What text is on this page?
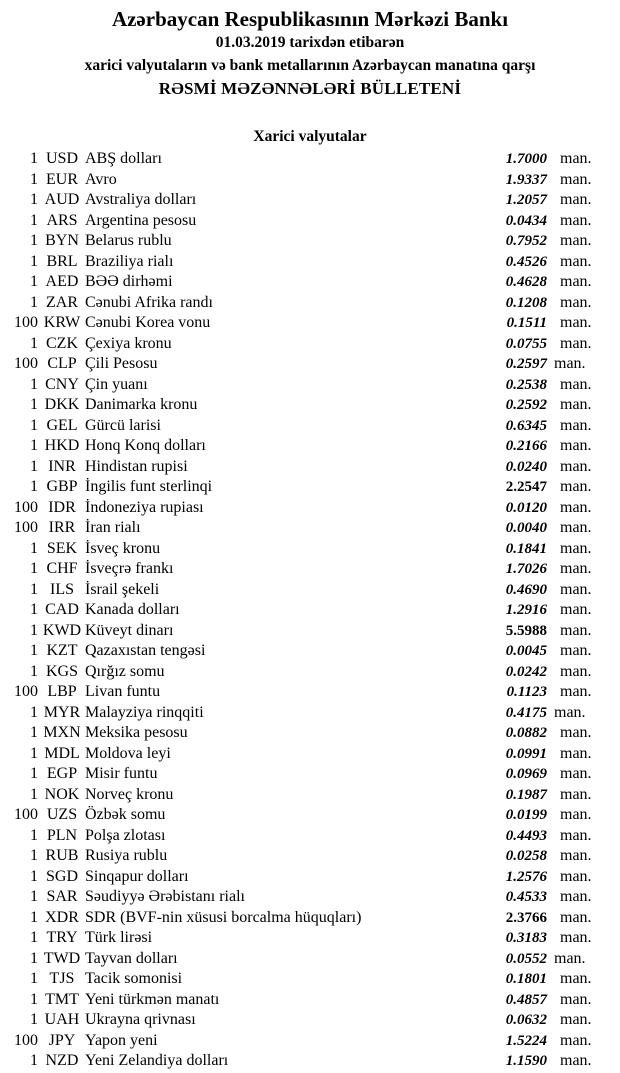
Azərbaycan Respublikasının Mərkəzi Bankı
01.03.2019 tarixdən etibarən
xarici valyutaların və bank metallarının Azərbaycan manatına qarşı
RƏSMİ MƏZƏNNƏLƏRİ BÜLLETENİ
Xarici valyutalar
1 USD ABŞ dolları	1.7000 man.
1 EUR Avro	1.9337 man.
1 AUD Avstraliya dolları	1.2057 man.
1 ARS Argentina pesosu	0.0434 man.
1 BYN Belarus rublu	0.7952 man.
1 BRL Braziliya rialı	0.4526 man.
1 AED BƏƏ dirhəmi	0.4628 man.
1 ZAR Cənubi Afrika randı	0.1208 man.
100 KRW Cənubi Korea vonu	0.1511 man.
1 CZK Çexiya kronu	0.0755 man.
100 CLP Çili Pesosu	0.2597 man.
1 CNY Çin yuanı	0.2538 man.
1 DKK Danimarka kronu	0.2592 man.
1 GEL Gürcü larisi	0.6345 man.
1 HKD Honq Konq dolları	0.2166 man.
1 INR Hindistan rupisi	0.0240 man.
1 GBP İngilis funt sterlinqi	2.2547 man.
100 IDR İndoneziya rupiası	0.0120 man.
100 IRR İran rialı	0.0040 man.
1 SEK İsveç kronu	0.1841 man.
1 CHF İsveçrə frankı	1.7026 man.
1 ILS İsrail şekeli	0.4690 man.
1 CAD Kanada dolları	1.2916 man.
1 KWD Küveyt dinarı	5.5988 man.
1 KZT Qazaxıstan tengəsi	0.0045 man.
1 KGS Qırğız somu	0.0242 man.
100 LBP Livan funtu	0.1123 man.
1 MYR Malayziya rinqqiti	0.4175 man.
1 MXN Meksika pesosu	0.0882 man.
1 MDL Moldova leyi	0.0991 man.
1 EGP Misir funtu	0.0969 man.
1 NOK Norveç kronu	0.1987 man.
100 UZS Özbək somu	0.0199 man.
1 PLN Polşa zlotası	0.4493 man.
1 RUB Rusiya rublu	0.0258 man.
1 SGD Sinqapur dolları	1.2576 man.
1 SAR Səudiyyə Ərəbistanı rialı	0.4533 man.
1 XDR SDR (BVF-nin xüsusi borcalma hüquqları)	2.3766 man.
1 TRY Türk lirəsi	0.3183 man.
1 TWD Tayvan dolları	0.0552 man.
1 TJS Tacik somonisi	0.1801 man.
1 TMT Yeni türkmən manatı	0.4857 man.
1 UAH Ukrayna qrivnası	0.0632 man.
100 JPY Yapon yeni	1.5224 man.
1 NZD Yeni Zelandiya dolları	1.1590 man.
